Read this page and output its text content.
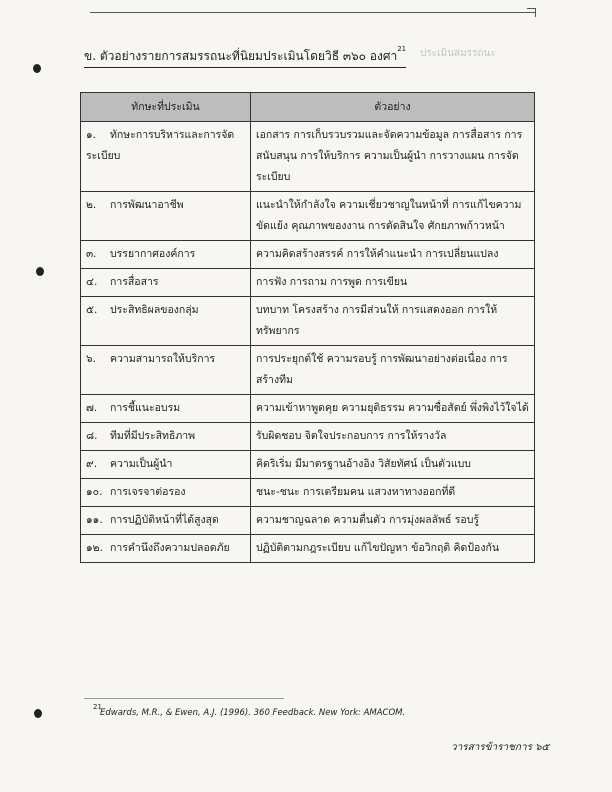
ข. ตัวอย่างรายการสมรรถนะที่นิยมประเมินโดยวิธี ๓๖๐ องศา$^{21}$ ประเมินสมรรถนะ
ทักษะที่ประเมิน	ตัวอย่าง
๑. ทักษะการบริหารและการจัดระเบียบ	เอกสาร การเก็บรวบรวมและจัดความข้อมูล การสื่อสาร การสนับสนุน การให้บริการ ความเป็นผู้นำ การวางแผน การจัดระเบียบ
๒. การพัฒนาอาชีพ	แนะนำให้กำลังใจ ความเชี่ยวชาญในหน้าที่ การแก้ไขความขัดแย้ง คุณภาพของงาน การตัดสินใจ ศักยภาพก้าวหน้า
๓. บรรยากาศองค์การ	ความคิดสร้างสรรค์ การให้คำแนะนำ การเปลี่ยนแปลง
๔. การสื่อสาร	การฟัง การถาม การพูด การเขียน
๕. ประสิทธิผลของกลุ่ม	บทบาท โครงสร้าง การมีส่วนให้ การแสดงออก การให้ทรัพยากร
๖. ความสามารถให้บริการ	การประยุกต์ใช้ ความรอบรู้ การพัฒนาอย่างต่อเนื่อง การสร้างทีม
๗. การชี้แนะอบรม	ความเข้าหาพูดคุย ความยุติธรรม ความซื่อสัตย์ พึ่งพิงไว้ใจได้
๘. ทีมที่มีประสิทธิภาพ	รับผิดชอบ จิตใจประกอบการ การให้รางวัล
๙. ความเป็นผู้นำ	คิดริเริ่ม มีมาตรฐานอ้างอิง วิสัยทัศน์ เป็นตัวแบบ
๑๐. การเจรจาต่อรอง	ชนะ-ชนะ การเตรียมคน แสวงหาทางออกที่ดี
๑๑. การปฏิบัติหน้าที่ได้สูงสุด	ความชาญฉลาด ความตื่นตัว การมุ่งผลลัพธ์ รอบรู้
๑๒. การคำนึงถึงความปลอดภัย	ปฏิบัติตามกฎระเบียบ แก้ไขปัญหา ข้อวิกฤติ คิดป้องกัน
21
Edwards, M.R., & Ewen, A.J. (1996). 360 Feedback. New York: AMACOM.
วารสารข้าราชการ ๖๕
